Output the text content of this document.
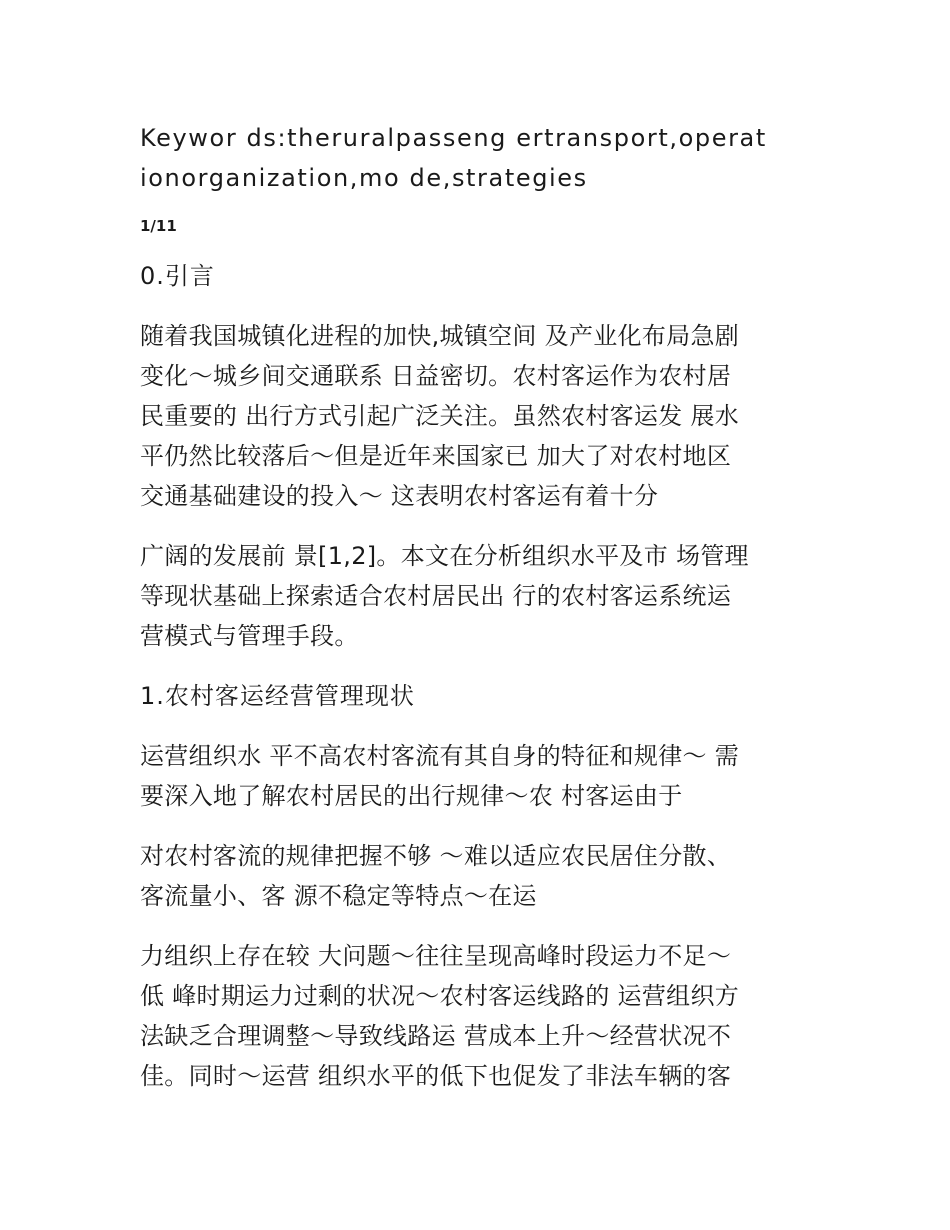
Keywor ds:theruralpasseng ertransport,operat
ionorganization,mo de,strategies
1/11
0.引言
随着我国城镇化进程的加快,城镇空间 及产业化布局急剧
变化～城乡间交通联系 日益密切。农村客运作为农村居
民重要的 出行方式引起广泛关注。虽然农村客运发 展水
平仍然比较落后～但是近年来国家已 加大了对农村地区
交通基础建设的投入～ 这表明农村客运有着十分
广阔的发展前 景[1,2]。本文在分析组织水平及市 场管理
等现状基础上探索适合农村居民出 行的农村客运系统运
营模式与管理手段。
1.农村客运经营管理现状
运营组织水 平不高农村客流有其自身的特征和规律～ 需
要深入地了解农村居民的出行规律～农 村客运由于
对农村客流的规律把握不够 ～难以适应农民居住分散、
客流量小、客 源不稳定等特点～在运
力组织上存在较 大问题～往往呈现高峰时段运力不足～
低 峰时期运力过剩的状况～农村客运线路的 运营组织方
法缺乏合理调整～导致线路运 营成本上升～经营状况不
佳。同时～运营 组织水平的低下也促发了非法车辆的客
